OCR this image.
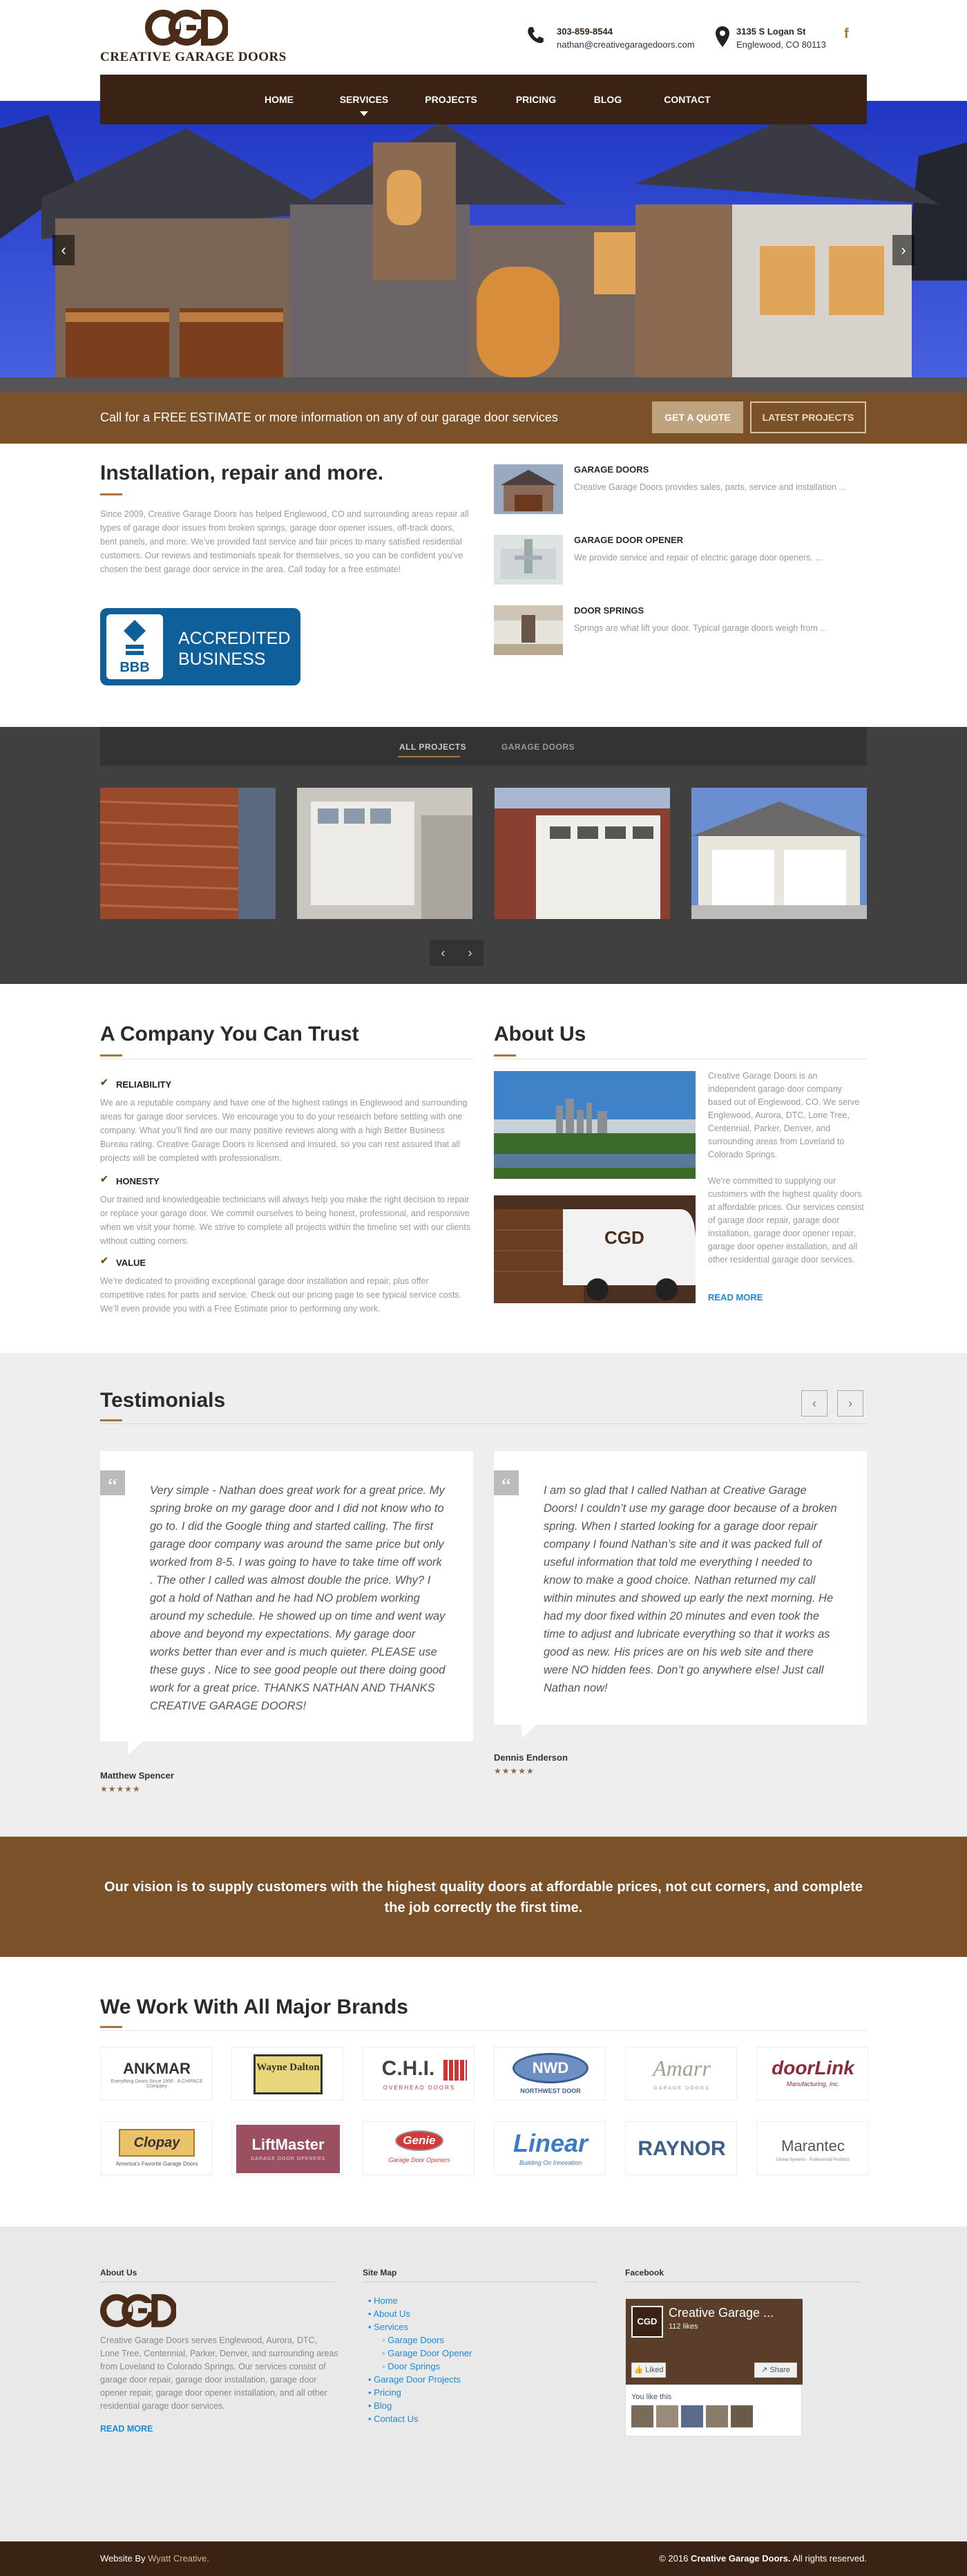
CREATIVE GARAGE DOORS
303-859-8544
nathan@creativegaragedoors.com
3135 S Logan St
Englewood, CO 80113
f
HOME	SERVICES	PROJECTS	PRICING	BLOG	CONTACT
‹	›
Call for a FREE ESTIMATE or more information on any of our garage door services	GET A QUOTE	LATEST PROJECTS
Installation, repair and more.
Since 2009, Creative Garage Doors has helped Englewood, CO and surrounding areas repair all types of garage door issues from broken springs, garage door opener issues, off-track doors, bent panels, and more. We’ve provided fast service and fair prices to many satisfied residential customers. Our reviews and testimonials speak for themselves, so you can be confident you’ve chosen the best garage door service in the area. Call today for a free estimate!
BBB
ACCREDITED
BUSINESS
GARAGE DOORS
Creative Garage Doors provides sales, parts, service and installation ...
GARAGE DOOR OPENER
We provide service and repair of electric garage door openers. ...
DOOR SPRINGS
Springs are what lift your door. Typical garage doors weigh from ...
ALL PROJECTS	GARAGE DOORS
‹	›
A Company You Can Trust
✔ RELIABILITY
We are a reputable company and have one of the highest ratings in Englewood and surrounding areas for garage door services. We encourage you to do your research before settling with one company. What you’ll find are our many positive reviews along with a high Better Business Bureau rating. Creative Garage Doors is licensed and insured, so you can rest assured that all projects will be completed with professionalism.
✔ HONESTY
Our trained and knowledgeable technicians will always help you make the right decision to repair or replace your garage door. We commit ourselves to being honest, professional, and responsive when we visit your home. We strive to complete all projects within the timeline set with our clients without cutting corners.
✔ VALUE
We’re dedicated to providing exceptional garage door installation and repair, plus offer competitive rates for parts and service. Check out our pricing page to see typical service costs. We’ll even provide you with a Free Estimate prior to performing any work.
About Us
CGD
Creative Garage Doors is an independent garage door company based out of Englewood, CO. We serve Englewood, Aurora, DTC, Lone Tree, Centennial, Parker, Denver, and surrounding areas from Loveland to Colorado Springs.
We’re committed to supplying our customers with the highest quality doors at affordable prices. Our services consist of garage door repair, garage door installation, garage door opener repair, garage door opener installation, and all other residential garage door services.
READ MORE
Testimonials	‹	›
“	Very simple - Nathan does great work for a great price. My spring broke on my garage door and I did not know who to go to. I did the Google thing and started calling. The first garage door company was around the same price but only worked from 8-5. I was going to have to take time off work . The other I called was almost double the price. Why? I got a hold of Nathan and he had NO problem working around my schedule. He showed up on time and went way above and beyond my expectations. My garage door works better than ever and is much quieter. PLEASE use these guys . Nice to see good people out there doing good work for a great price. THANKS NATHAN AND THANKS CREATIVE GARAGE DOORS!
Matthew Spencer
★★★★★
“	I am so glad that I called Nathan at Creative Garage Doors! I couldn’t use my garage door because of a broken spring. When I started looking for a garage door repair company I found Nathan’s site and it was packed full of useful information that told me everything I needed to know to make a good choice. Nathan returned my call within minutes and showed up early the next morning. He had my door fixed within 20 minutes and even took the time to adjust and lubricate everything so that it works as good as new. His prices are on his web site and there were NO hidden fees. Don’t go anywhere else! Just call Nathan now!
Dennis Enderson
★★★★★
Our vision is to supply customers with the highest quality doors at affordable prices, not cut corners, and complete the job correctly the first time.
We Work With All Major Brands
ANKMAR
Everything Doors Since 1956 · A CHIPACE Company
Wayne Dalton	C.H.I.
OVERHEAD DOORS
NWD
NORTHWEST DOOR
Amarr
GARAGE DOORS
doorLink
Manufacturing, Inc.
Clopay
America’s Favorite Garage Doors
LiftMaster
GARAGE DOOR OPENERS
Genie
Garage Door Openers
Linear
Building On Innovation
RAYNOR	Marantec
Global Systems · Professional Products
About Us
Creative Garage Doors serves Englewood, Aurora, DTC, Lone Tree, Centennial, Parker, Denver, and surrounding areas from Loveland to Colorado Springs. Our services consist of garage door repair, garage door installation, garage door opener repair, garage door opener installation, and all other residential garage door services.
READ MORE
Site Map
• Home
• About Us
• Services
◦ Garage Doors
◦ Garage Door Opener
◦ Door Springs
• Garage Door Projects
• Pricing
• Blog
• Contact Us
Facebook
CGD
Creative Garage ...
112 likes
👍 Liked	↗ Share
You like this
Website By Wyatt Creative.	© 2016 Creative Garage Doors. All rights reserved.
